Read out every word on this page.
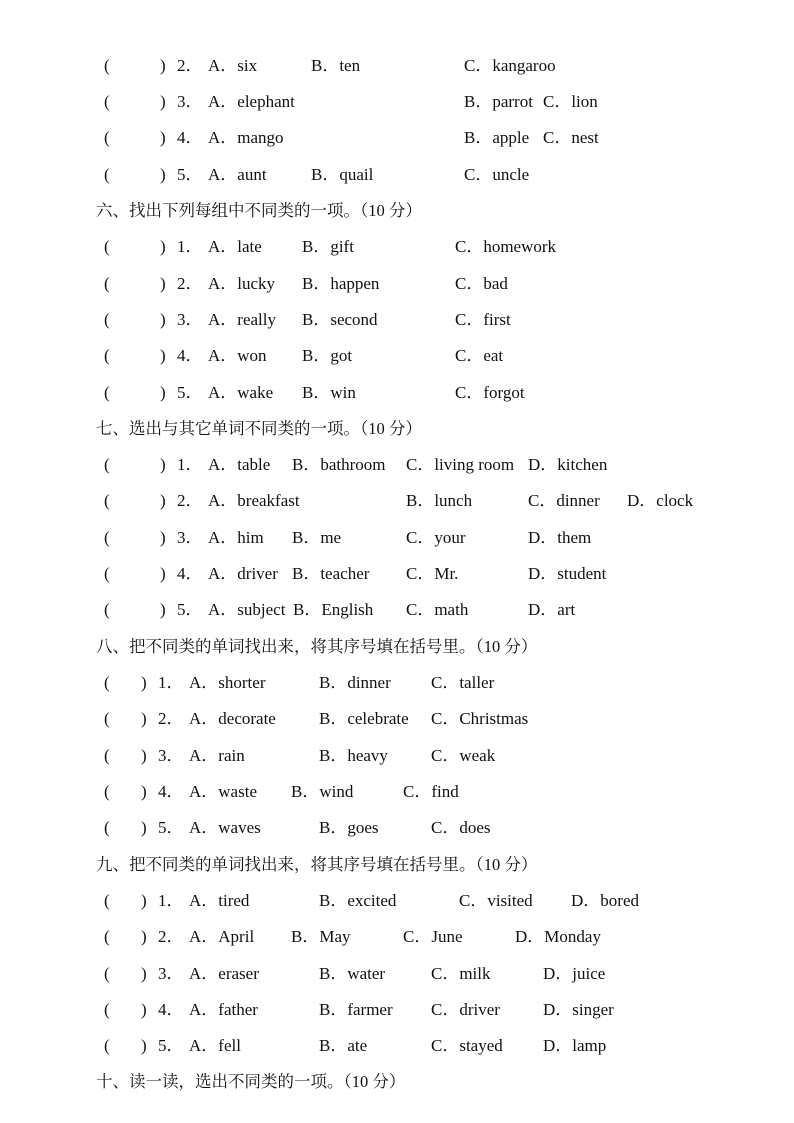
(	) 2． A．six	B．ten	C．kangaroo
(	) 3． A．elephant	B．parrot C．lion
(	) 4． A．mango	B．apple C．nest
(	) 5． A．aunt	B．quail	C．uncle
六、找出下列每组中不同类的一项。（10 分）
(	) 1． A．late B．gift	C．homework
(	) 2． A．lucky B．happen	C．bad
(	) 3． A．really B．second	C．first
(	) 4． A．won B．got	C．eat
(	) 5． A．wake B．win	C．forgot
七、选出与其它单词不同类的一项。（10 分）
(	) 1． A．table B．bathroom C．living room D．kitchen
(	) 2． A．breakfast	B．lunch	C．dinner D．clock
(	) 3． A．him B．me	C．your	D．them
(	) 4． A．driver B．teacher C．Mr.	D．student
(	) 5． A．subject B．English C．math	D．art
八、把不同类的单词找出来，将其序号填在括号里。（10 分）
( ) 1． A．shorter	B．dinner C．taller
( ) 2． A．decorate	B．celebrate C．Christmas
( ) 3． A．rain	B．heavy	C．weak
( ) 4． A．waste B．wind	C．find
( ) 5． A．waves	B．goes	C．does
九、把不同类的单词找出来，将其序号填在括号里。（10 分）
( ) 1． A．tired	B．excited	C．visited D．bored
( ) 2． A．April B．May	C．June	D．Monday
( ) 3． A．eraser	B．water	C．milk	D．juice
( ) 4． A．father	B．farmer C．driver	D．singer
( ) 5． A．fell	B．ate	C．stayed D．lamp
十、读一读，选出不同类的一项。（10 分）
